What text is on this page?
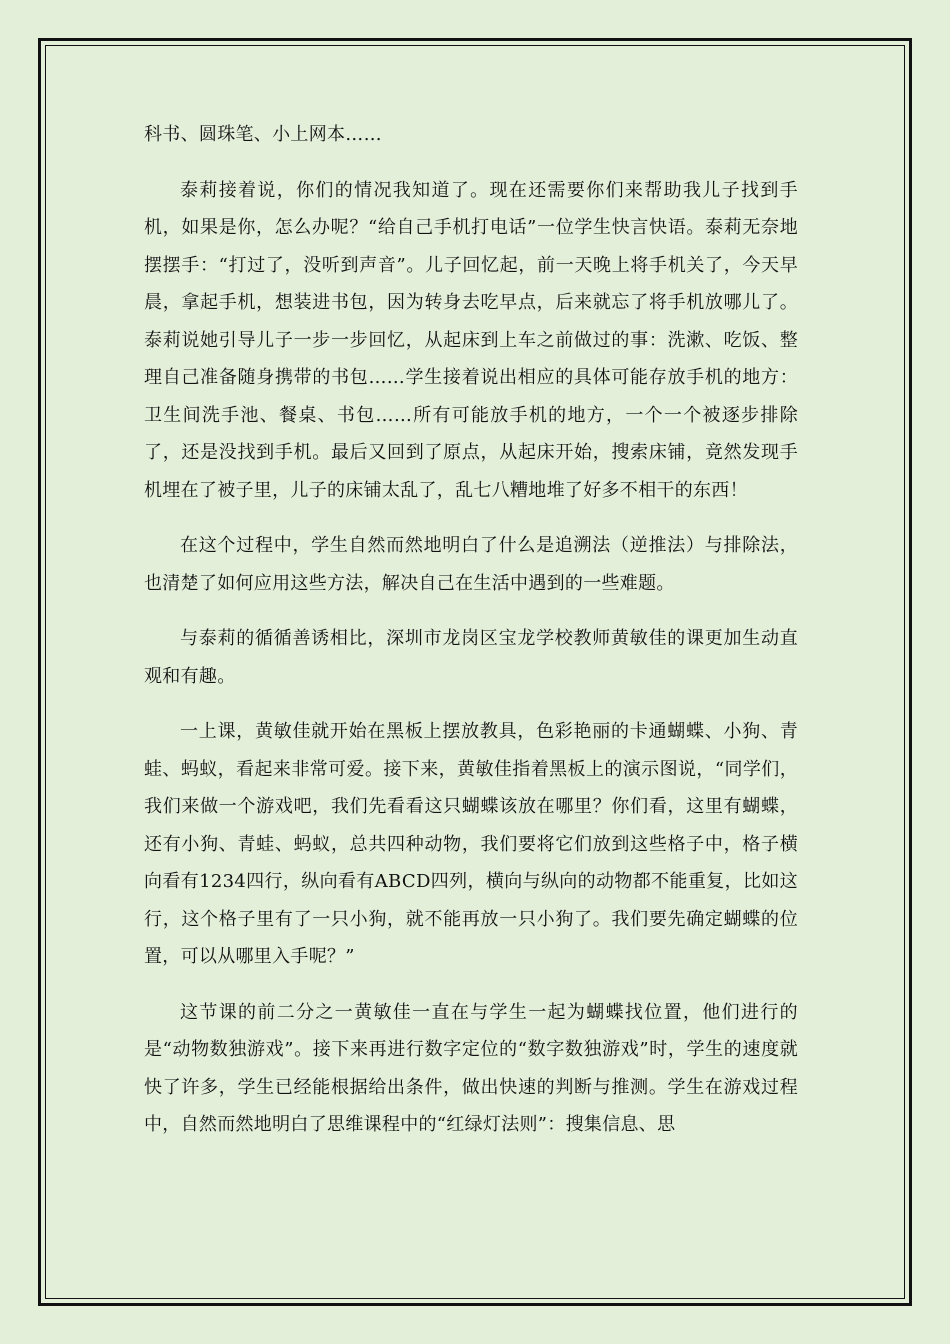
科书、圆珠笔、小上网本……

泰莉接着说，你们的情况我知道了。现在还需要你们来帮助我儿子找到手机，如果是你，怎么办呢？“给自己手机打电话”一位学生快言快语。泰莉无奈地摆摆手：“打过了，没听到声音”。儿子回忆起，前一天晚上将手机关了，今天早晨，拿起手机，想装进书包，因为转身去吃早点，后来就忘了将手机放哪儿了。泰莉说她引导儿子一步一步回忆，从起床到上车之前做过的事：洗漱、吃饭、整理自己准备随身携带的书包……学生接着说出相应的具体可能存放手机的地方：卫生间洗手池、餐桌、书包……所有可能放手机的地方，一个一个被逐步排除了，还是没找到手机。最后又回到了原点，从起床开始，搜索床铺，竟然发现手机埋在了被子里，儿子的床铺太乱了，乱七八糟地堆了好多不相干的东西！

在这个过程中，学生自然而然地明白了什么是追溯法（逆推法）与排除法，也清楚了如何应用这些方法，解决自己在生活中遇到的一些难题。

与泰莉的循循善诱相比，深圳市龙岗区宝龙学校教师黄敏佳的课更加生动直观和有趣。

一上课，黄敏佳就开始在黑板上摆放教具，色彩艳丽的卡通蝴蝶、小狗、青蛙、蚂蚁，看起来非常可爱。接下来，黄敏佳指着黑板上的演示图说，“同学们，我们来做一个游戏吧，我们先看看这只蝴蝶该放在哪里？你们看，这里有蝴蝶，还有小狗、青蛙、蚂蚁，总共四种动物，我们要将它们放到这些格子中，格子横向看有1234四行，纵向看有ABCD四列，横向与纵向的动物都不能重复，比如这行，这个格子里有了一只小狗，就不能再放一只小狗了。我们要先确定蝴蝶的位置，可以从哪里入手呢？”

这节课的前二分之一黄敏佳一直在与学生一起为蝴蝶找位置，他们进行的是“动物数独游戏”。接下来再进行数字定位的“数字数独游戏”时，学生的速度就快了许多，学生已经能根据给出条件，做出快速的判断与推测。学生在游戏过程中，自然而然地明白了思维课程中的“红绿灯法则”：搜集信息、思
